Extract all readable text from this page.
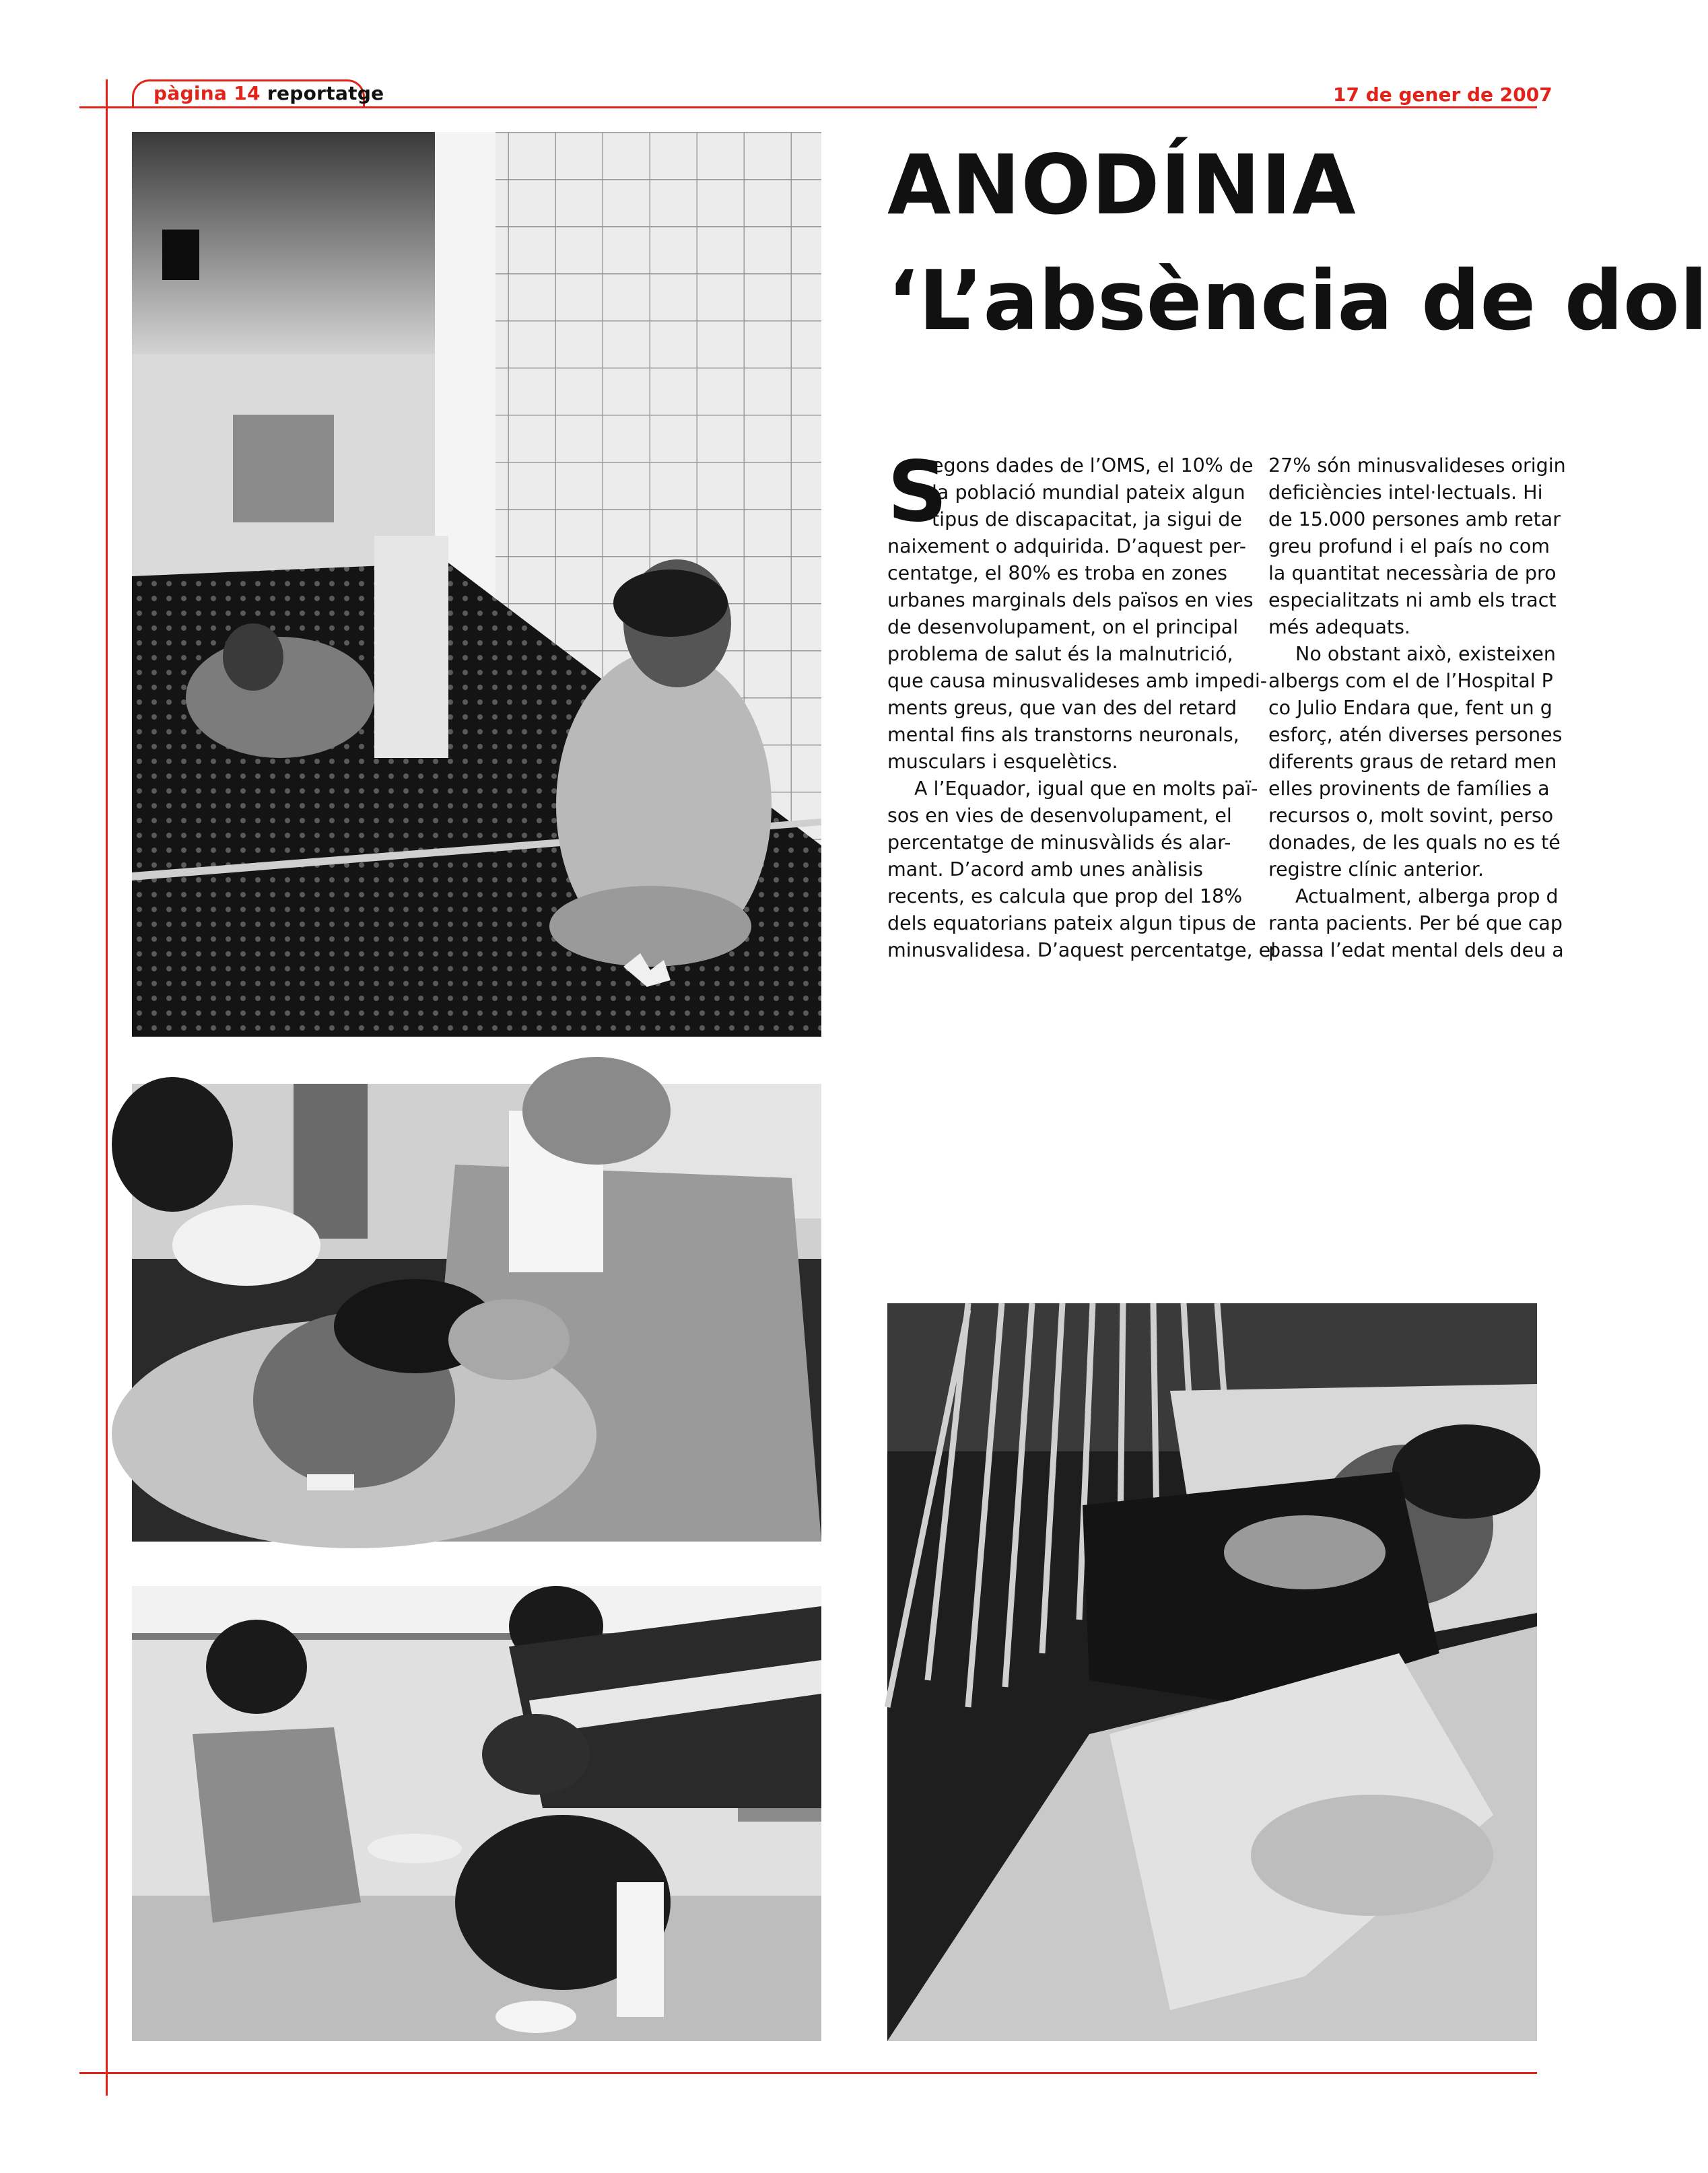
pàgina 14 reportatge	17 de gener de 2007
ANODÍNIA
‘L’absència de dol
S
egons dades de l’OMS, el 10% de
la població mundial pateix algun
tipus de discapacitat, ja sigui de
naixement o adquirida. D’aquest per-
centatge, el 80% es troba en zones
urbanes marginals dels països en vies
de desenvolupament, on el principal
problema de salut és la malnutrició,
que causa minusvalideses amb impedi-
ments greus, que van des del retard
mental fins als transtorns neuronals,
musculars i esquelètics.
A l’Equador, igual que en molts paï-
sos en vies de desenvolupament, el
percentatge de minusvàlids és alar-
mant. D’acord amb unes anàlisis
recents, es calcula que prop del 18%
dels equatorians pateix algun tipus de
minusvalidesa. D’aquest percentatge, el
27% són minusvalideses origin
deficiències intel·lectuals. Hi
de 15.000 persones amb retar
greu profund i el país no com
la quantitat necessària de pro
especialitzats ni amb els tract
més adequats.
No obstant això, existeixen
albergs com el de l’Hospital P
co Julio Endara que, fent un g
esforç, atén diverses persones
diferents graus de retard men
elles provinents de famílies a
recursos o, molt sovint, perso
donades, de les quals no es té
registre clínic anterior.
Actualment, alberga prop d
ranta pacients. Per bé que cap
passa l’edat mental dels deu a
